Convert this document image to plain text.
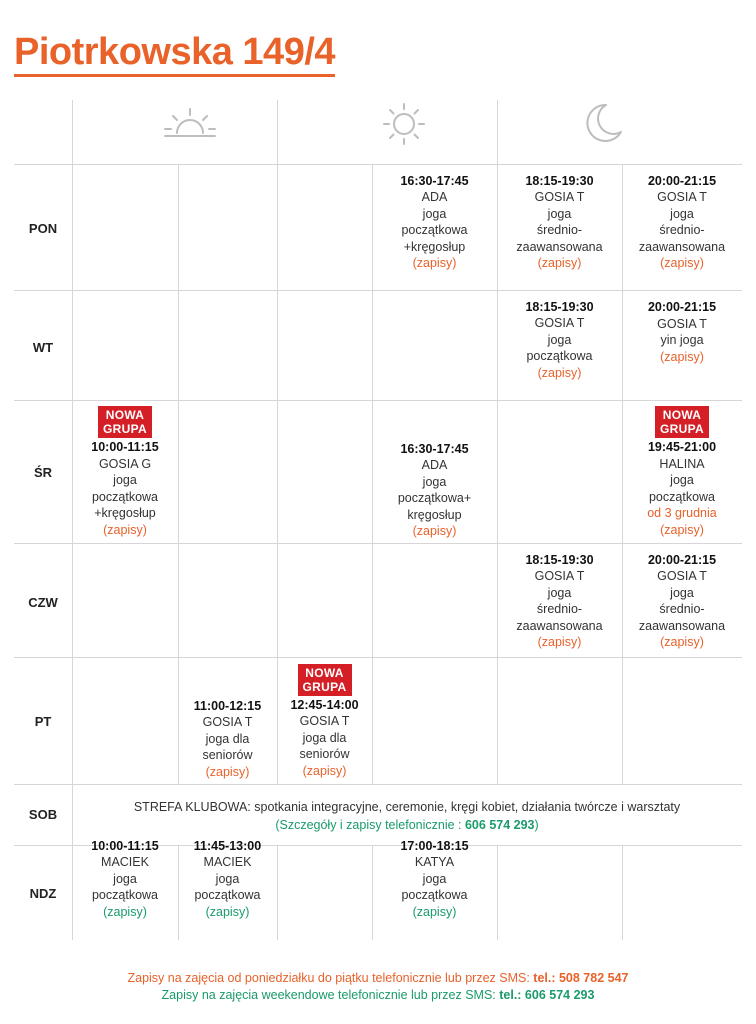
Piotrkowska 149/4
PON
WT
ŚR
CZW
PT
SOB
NDZ
16:30-17:45
ADA
joga
początkowa
+kręgosłup
(zapisy)
18:15-19:30
GOSIA T
joga
średnio-
zaawansowana
(zapisy)
20:00-21:15
GOSIA T
joga
średnio-
zaawansowana
(zapisy)
18:15-19:30
GOSIA T
joga
początkowa
(zapisy)
20:00-21:15
GOSIA T
yin joga
(zapisy)
NOWA GRUPA
10:00-11:15
GOSIA G
joga
początkowa
+kręgosłup
(zapisy)
16:30-17:45
ADA
joga
początkowa+
kręgosłup
(zapisy)
NOWA GRUPA
19:45-21:00
HALINA
joga
początkowa
od 3 grudnia
(zapisy)
18:15-19:30
GOSIA T
joga
średnio-
zaawansowana
(zapisy)
20:00-21:15
GOSIA T
joga
średnio-
zaawansowana
(zapisy)
11:00-12:15
GOSIA T
joga dla
seniorów
(zapisy)
NOWA GRUPA
12:45-14:00
GOSIA T
joga dla
seniorów
(zapisy)
STREFA KLUBOWA: spotkania integracyjne, ceremonie, kręgi kobiet, działania twórcze i warsztaty
(Szczegóły i zapisy telefonicznie : 606 574 293)
10:00-11:15
MACIEK
joga
początkowa
(zapisy)
11:45-13:00
MACIEK
joga
początkowa
(zapisy)
17:00-18:15
KATYA
joga
początkowa
(zapisy)
Zapisy na zajęcia od poniedziałku do piątku telefonicznie lub przez SMS: tel.: 508 782 547
Zapisy na zajęcia weekendowe telefonicznie lub przez SMS: tel.: 606 574 293
